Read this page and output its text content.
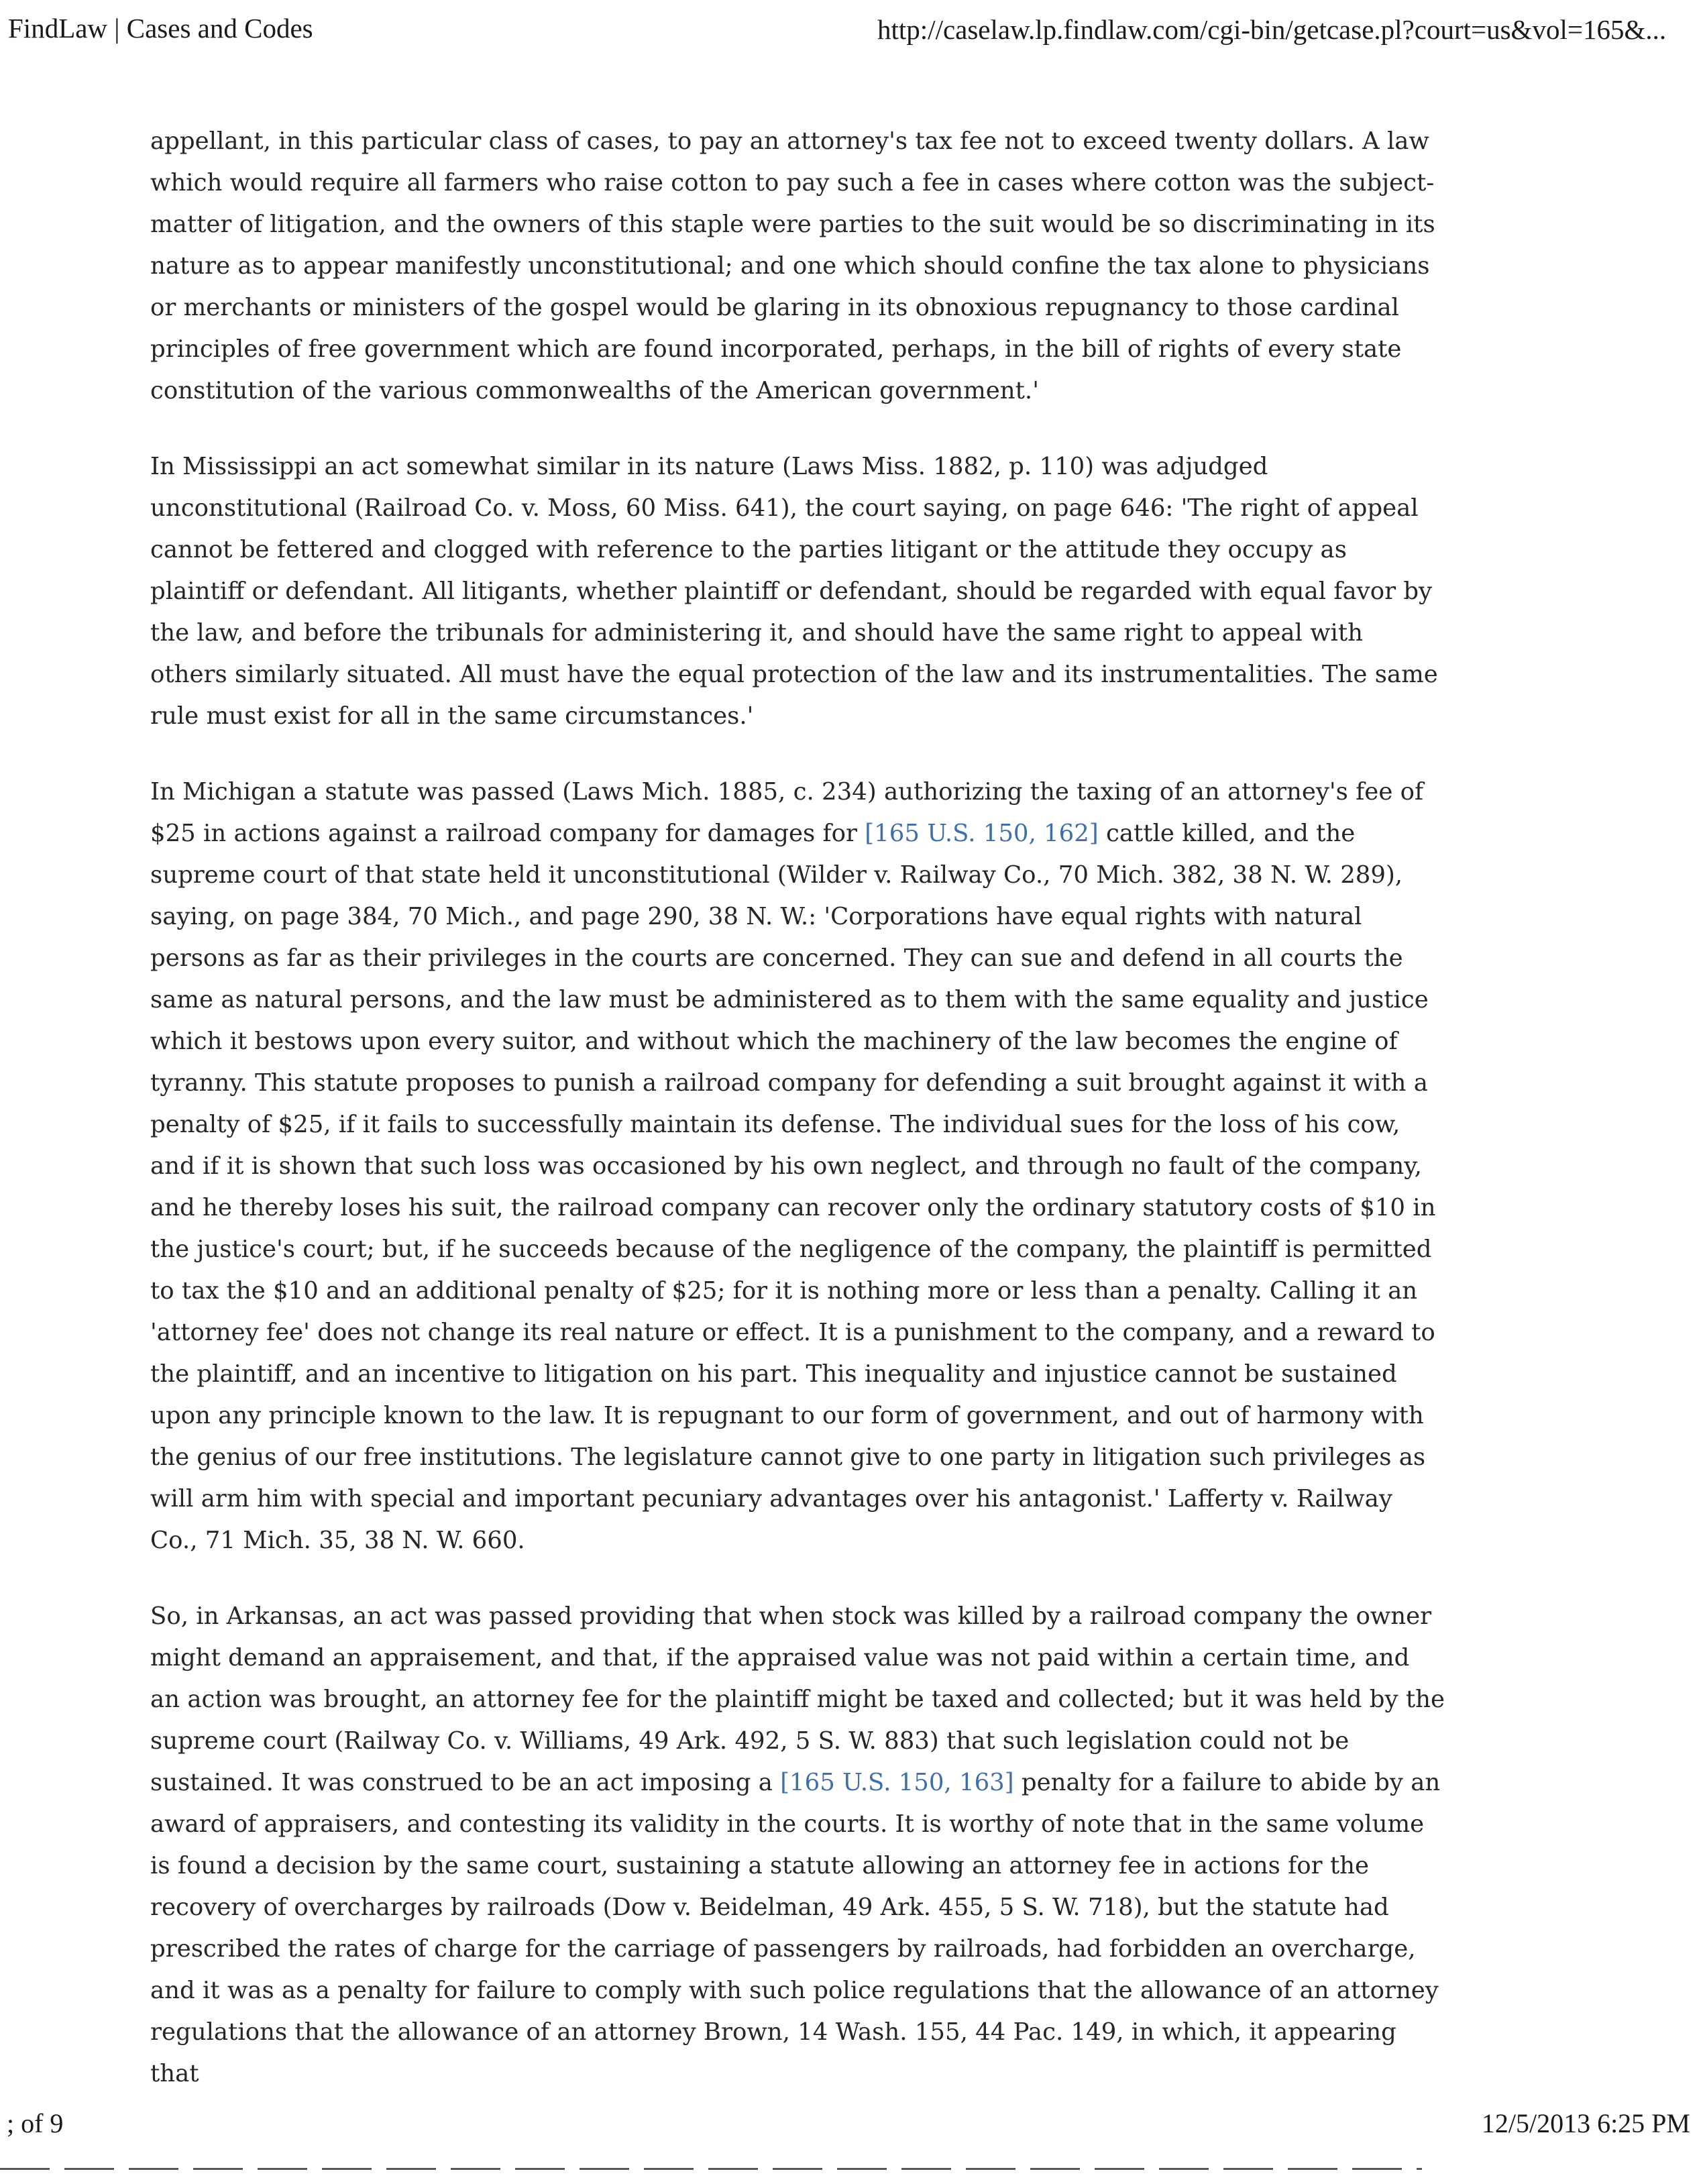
FindLaw | Cases and Codes	http://caselaw.lp.findlaw.com/cgi-bin/getcase.pl?court=us&vol=165&...

appellant, in this particular class of cases, to pay an attorney's tax fee not to exceed twenty dollars. A law which would require all farmers who raise cotton to pay such a fee in cases where cotton was the subject-matter of litigation, and the owners of this staple were parties to the suit would be so discriminating in its nature as to appear manifestly unconstitutional; and one which should confine the tax alone to physicians or merchants or ministers of the gospel would be glaring in its obnoxious repugnancy to those cardinal principles of free government which are found incorporated, perhaps, in the bill of rights of every state constitution of the various commonwealths of the American government.'

In Mississippi an act somewhat similar in its nature (Laws Miss. 1882, p. 110) was adjudged unconstitutional (Railroad Co. v. Moss, 60 Miss. 641), the court saying, on page 646: 'The right of appeal cannot be fettered and clogged with reference to the parties litigant or the attitude they occupy as plaintiff or defendant. All litigants, whether plaintiff or defendant, should be regarded with equal favor by the law, and before the tribunals for administering it, and should have the same right to appeal with others similarly situated. All must have the equal protection of the law and its instrumentalities. The same rule must exist for all in the same circumstances.'

In Michigan a statute was passed (Laws Mich. 1885, c. 234) authorizing the taxing of an attorney's fee of $25 in actions against a railroad company for damages for [165 U.S. 150, 162] cattle killed, and the supreme court of that state held it unconstitutional (Wilder v. Railway Co., 70 Mich. 382, 38 N. W. 289), saying, on page 384, 70 Mich., and page 290, 38 N. W.: 'Corporations have equal rights with natural persons as far as their privileges in the courts are concerned. They can sue and defend in all courts the same as natural persons, and the law must be administered as to them with the same equality and justice which it bestows upon every suitor, and without which the machinery of the law becomes the engine of tyranny. This statute proposes to punish a railroad company for defending a suit brought against it with a penalty of $25, if it fails to successfully maintain its defense. The individual sues for the loss of his cow, and if it is shown that such loss was occasioned by his own neglect, and through no fault of the company, and he thereby loses his suit, the railroad company can recover only the ordinary statutory costs of $10 in the justice's court; but, if he succeeds because of the negligence of the company, the plaintiff is permitted to tax the $10 and an additional penalty of $25; for it is nothing more or less than a penalty. Calling it an 'attorney fee' does not change its real nature or effect. It is a punishment to the company, and a reward to the plaintiff, and an incentive to litigation on his part. This inequality and injustice cannot be sustained upon any principle known to the law. It is repugnant to our form of government, and out of harmony with the genius of our free institutions. The legislature cannot give to one party in litigation such privileges as will arm him with special and important pecuniary advantages over his antagonist.' Lafferty v. Railway Co., 71 Mich. 35, 38 N. W. 660.

So, in Arkansas, an act was passed providing that when stock was killed by a railroad company the owner might demand an appraisement, and that, if the appraised value was not paid within a certain time, and an action was brought, an attorney fee for the plaintiff might be taxed and collected; but it was held by the supreme court (Railway Co. v. Williams, 49 Ark. 492, 5 S. W. 883) that such legislation could not be sustained. It was construed to be an act imposing a [165 U.S. 150, 163] penalty for a failure to abide by an award of appraisers, and contesting its validity in the courts. It is worthy of note that in the same volume is found a decision by the same court, sustaining a statute allowing an attorney fee in actions for the recovery of overcharges by railroads (Dow v. Beidelman, 49 Ark. 455, 5 S. W. 718), but the statute had prescribed the rates of charge for the carriage of passengers by railroads, had forbidden an overcharge, and it was as a penalty for failure to comply with such police regulations that the allowance of an attorney regulations that the allowance of an attorney Brown, 14 Wash. 155, 44 Pac. 149, in which, it appearing that

; of 9	12/5/2013 6:25 PM
